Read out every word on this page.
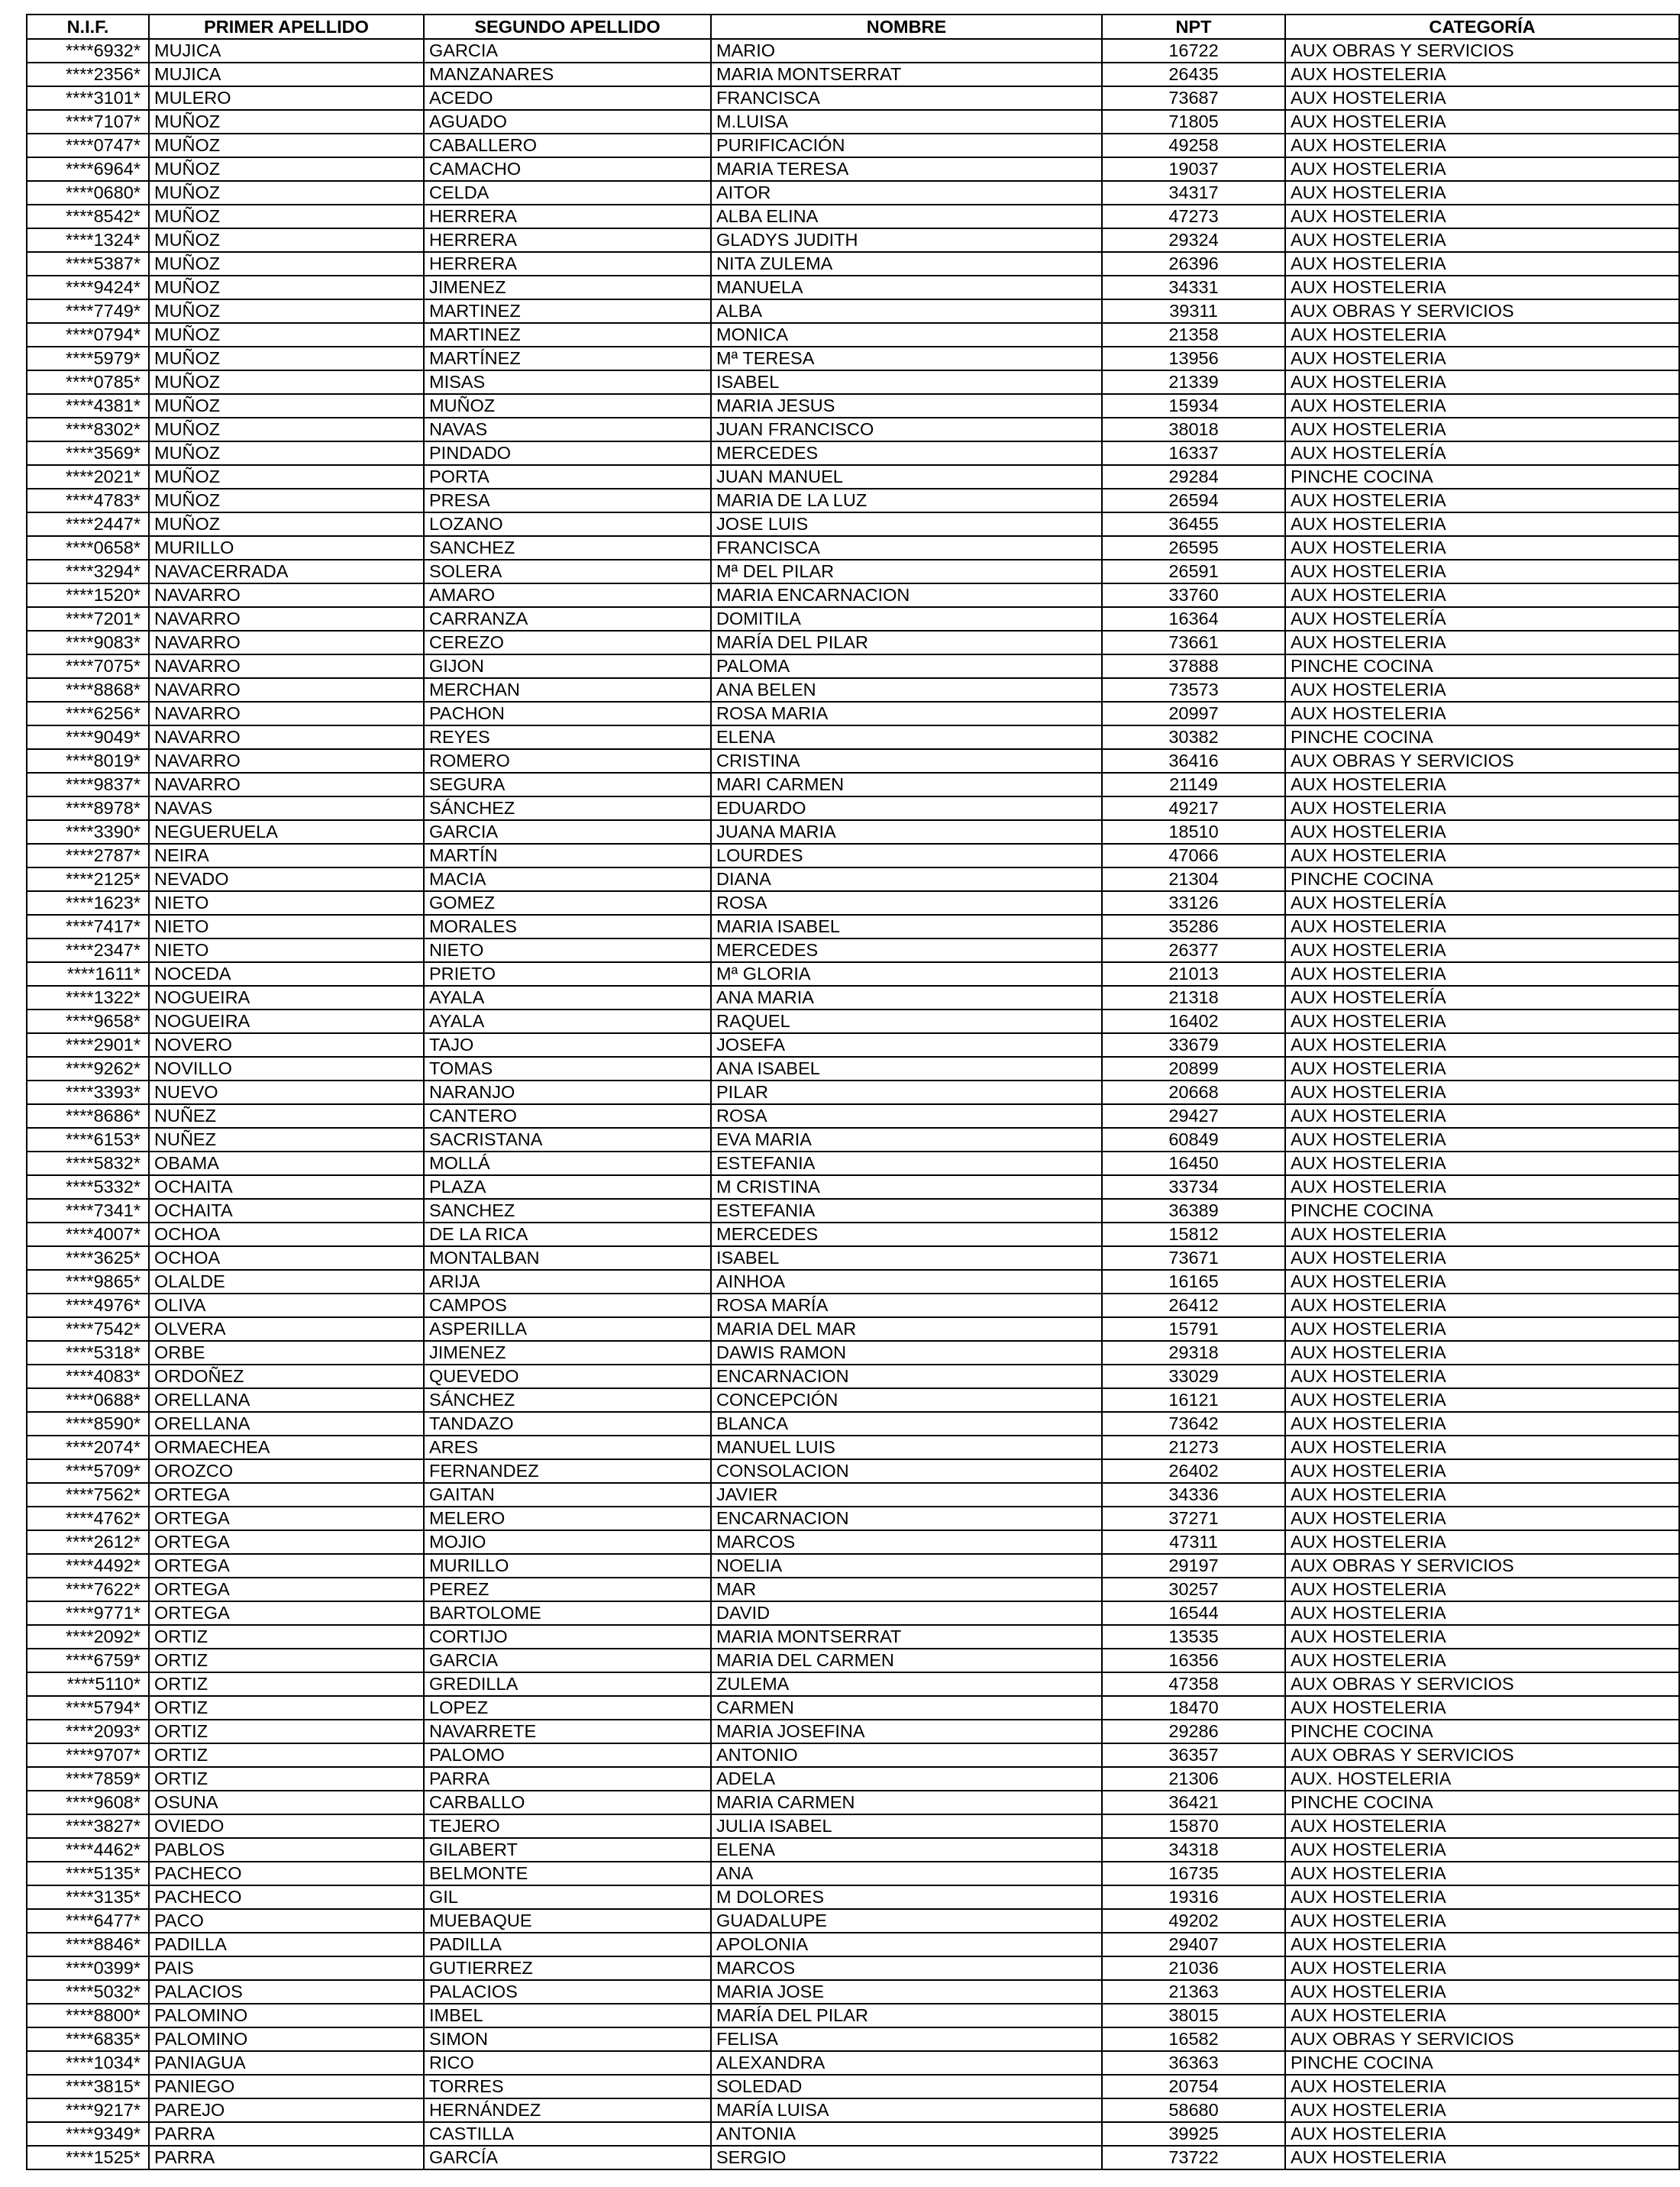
N.I.F.	PRIMER APELLIDO	SEGUNDO APELLIDO	NOMBRE	NPT	CATEGORÍA
****6932*	MUJICA	GARCIA	MARIO	16722	AUX OBRAS Y SERVICIOS
****2356*	MUJICA	MANZANARES	MARIA MONTSERRAT	26435	AUX HOSTELERIA
****3101*	MULERO	ACEDO	FRANCISCA	73687	AUX HOSTELERIA
****7107*	MUÑOZ	AGUADO	M.LUISA	71805	AUX HOSTELERIA
****0747*	MUÑOZ	CABALLERO	PURIFICACIÓN	49258	AUX HOSTELERIA
****6964*	MUÑOZ	CAMACHO	MARIA TERESA	19037	AUX HOSTELERIA
****0680*	MUÑOZ	CELDA	AITOR	34317	AUX HOSTELERIA
****8542*	MUÑOZ	HERRERA	ALBA ELINA	47273	AUX HOSTELERIA
****1324*	MUÑOZ	HERRERA	GLADYS JUDITH	29324	AUX HOSTELERIA
****5387*	MUÑOZ	HERRERA	NITA ZULEMA	26396	AUX HOSTELERIA
****9424*	MUÑOZ	JIMENEZ	MANUELA	34331	AUX HOSTELERIA
****7749*	MUÑOZ	MARTINEZ	ALBA	39311	AUX OBRAS Y SERVICIOS
****0794*	MUÑOZ	MARTINEZ	MONICA	21358	AUX HOSTELERIA
****5979*	MUÑOZ	MARTÍNEZ	Mª TERESA	13956	AUX HOSTELERIA
****0785*	MUÑOZ	MISAS	ISABEL	21339	AUX HOSTELERIA
****4381*	MUÑOZ	MUÑOZ	MARIA JESUS	15934	AUX HOSTELERIA
****8302*	MUÑOZ	NAVAS	JUAN FRANCISCO	38018	AUX HOSTELERIA
****3569*	MUÑOZ	PINDADO	MERCEDES	16337	AUX HOSTELERÍA
****2021*	MUÑOZ	PORTA	JUAN MANUEL	29284	PINCHE COCINA
****4783*	MUÑOZ	PRESA	MARIA DE LA LUZ	26594	AUX HOSTELERIA
****2447*	MUÑOZ	LOZANO	JOSE LUIS	36455	AUX HOSTELERIA
****0658*	MURILLO	SANCHEZ	FRANCISCA	26595	AUX HOSTELERIA
****3294*	NAVACERRADA	SOLERA	Mª DEL PILAR	26591	AUX HOSTELERIA
****1520*	NAVARRO	AMARO	MARIA ENCARNACION	33760	AUX HOSTELERIA
****7201*	NAVARRO	CARRANZA	DOMITILA	16364	AUX HOSTELERÍA
****9083*	NAVARRO	CEREZO	MARÍA DEL PILAR	73661	AUX HOSTELERIA
****7075*	NAVARRO	GIJON	PALOMA	37888	PINCHE COCINA
****8868*	NAVARRO	MERCHAN	ANA BELEN	73573	AUX HOSTELERIA
****6256*	NAVARRO	PACHON	ROSA MARIA	20997	AUX HOSTELERIA
****9049*	NAVARRO	REYES	ELENA	30382	PINCHE COCINA
****8019*	NAVARRO	ROMERO	CRISTINA	36416	AUX OBRAS Y SERVICIOS
****9837*	NAVARRO	SEGURA	MARI CARMEN	21149	AUX HOSTELERIA
****8978*	NAVAS	SÁNCHEZ	EDUARDO	49217	AUX HOSTELERIA
****3390*	NEGUERUELA	GARCIA	JUANA MARIA	18510	AUX HOSTELERIA
****2787*	NEIRA	MARTÍN	LOURDES	47066	AUX HOSTELERIA
****2125*	NEVADO	MACIA	DIANA	21304	PINCHE COCINA
****1623*	NIETO	GOMEZ	ROSA	33126	AUX HOSTELERÍA
****7417*	NIETO	MORALES	MARIA ISABEL	35286	AUX HOSTELERIA
****2347*	NIETO	NIETO	MERCEDES	26377	AUX HOSTELERIA
****1611*	NOCEDA	PRIETO	Mª GLORIA	21013	AUX HOSTELERIA
****1322*	NOGUEIRA	AYALA	ANA MARIA	21318	AUX HOSTELERÍA
****9658*	NOGUEIRA	AYALA	RAQUEL	16402	AUX HOSTELERIA
****2901*	NOVERO	TAJO	JOSEFA	33679	AUX HOSTELERIA
****9262*	NOVILLO	TOMAS	ANA ISABEL	20899	AUX HOSTELERIA
****3393*	NUEVO	NARANJO	PILAR	20668	AUX HOSTELERIA
****8686*	NUÑEZ	CANTERO	ROSA	29427	AUX HOSTELERIA
****6153*	NUÑEZ	SACRISTANA	EVA MARIA	60849	AUX HOSTELERIA
****5832*	OBAMA	MOLLÁ	ESTEFANIA	16450	AUX HOSTELERIA
****5332*	OCHAITA	PLAZA	M CRISTINA	33734	AUX HOSTELERIA
****7341*	OCHAITA	SANCHEZ	ESTEFANIA	36389	PINCHE COCINA
****4007*	OCHOA	DE LA RICA	MERCEDES	15812	AUX HOSTELERIA
****3625*	OCHOA	MONTALBAN	ISABEL	73671	AUX HOSTELERIA
****9865*	OLALDE	ARIJA	AINHOA	16165	AUX HOSTELERIA
****4976*	OLIVA	CAMPOS	ROSA MARÍA	26412	AUX HOSTELERIA
****7542*	OLVERA	ASPERILLA	MARIA DEL MAR	15791	AUX HOSTELERIA
****5318*	ORBE	JIMENEZ	DAWIS RAMON	29318	AUX HOSTELERIA
****4083*	ORDOÑEZ	QUEVEDO	ENCARNACION	33029	AUX HOSTELERIA
****0688*	ORELLANA	SÁNCHEZ	CONCEPCIÓN	16121	AUX HOSTELERIA
****8590*	ORELLANA	TANDAZO	BLANCA	73642	AUX HOSTELERIA
****2074*	ORMAECHEA	ARES	MANUEL LUIS	21273	AUX HOSTELERIA
****5709*	OROZCO	FERNANDEZ	CONSOLACION	26402	AUX HOSTELERIA
****7562*	ORTEGA	GAITAN	JAVIER	34336	AUX HOSTELERIA
****4762*	ORTEGA	MELERO	ENCARNACION	37271	AUX HOSTELERIA
****2612*	ORTEGA	MOJIO	MARCOS	47311	AUX HOSTELERIA
****4492*	ORTEGA	MURILLO	NOELIA	29197	AUX OBRAS Y SERVICIOS
****7622*	ORTEGA	PEREZ	MAR	30257	AUX HOSTELERIA
****9771*	ORTEGA	BARTOLOME	DAVID	16544	AUX HOSTELERIA
****2092*	ORTIZ	CORTIJO	MARIA MONTSERRAT	13535	AUX HOSTELERIA
****6759*	ORTIZ	GARCIA	MARIA DEL CARMEN	16356	AUX HOSTELERIA
****5110*	ORTIZ	GREDILLA	ZULEMA	47358	AUX OBRAS Y SERVICIOS
****5794*	ORTIZ	LOPEZ	CARMEN	18470	AUX HOSTELERIA
****2093*	ORTIZ	NAVARRETE	MARIA JOSEFINA	29286	PINCHE COCINA
****9707*	ORTIZ	PALOMO	ANTONIO	36357	AUX OBRAS Y SERVICIOS
****7859*	ORTIZ	PARRA	ADELA	21306	AUX. HOSTELERIA
****9608*	OSUNA	CARBALLO	MARIA CARMEN	36421	PINCHE COCINA
****3827*	OVIEDO	TEJERO	JULIA ISABEL	15870	AUX HOSTELERIA
****4462*	PABLOS	GILABERT	ELENA	34318	AUX HOSTELERIA
****5135*	PACHECO	BELMONTE	ANA	16735	AUX HOSTELERIA
****3135*	PACHECO	GIL	M DOLORES	19316	AUX HOSTELERIA
****6477*	PACO	MUEBAQUE	GUADALUPE	49202	AUX HOSTELERIA
****8846*	PADILLA	PADILLA	APOLONIA	29407	AUX HOSTELERIA
****0399*	PAIS	GUTIERREZ	MARCOS	21036	AUX HOSTELERIA
****5032*	PALACIOS	PALACIOS	MARIA JOSE	21363	AUX HOSTELERIA
****8800*	PALOMINO	IMBEL	MARÍA DEL PILAR	38015	AUX HOSTELERIA
****6835*	PALOMINO	SIMON	FELISA	16582	AUX OBRAS Y SERVICIOS
****1034*	PANIAGUA	RICO	ALEXANDRA	36363	PINCHE COCINA
****3815*	PANIEGO	TORRES	SOLEDAD	20754	AUX HOSTELERIA
****9217*	PAREJO	HERNÁNDEZ	MARÍA LUISA	58680	AUX HOSTELERIA
****9349*	PARRA	CASTILLA	ANTONIA	39925	AUX HOSTELERIA
****1525*	PARRA	GARCÍA	SERGIO	73722	AUX HOSTELERIA
